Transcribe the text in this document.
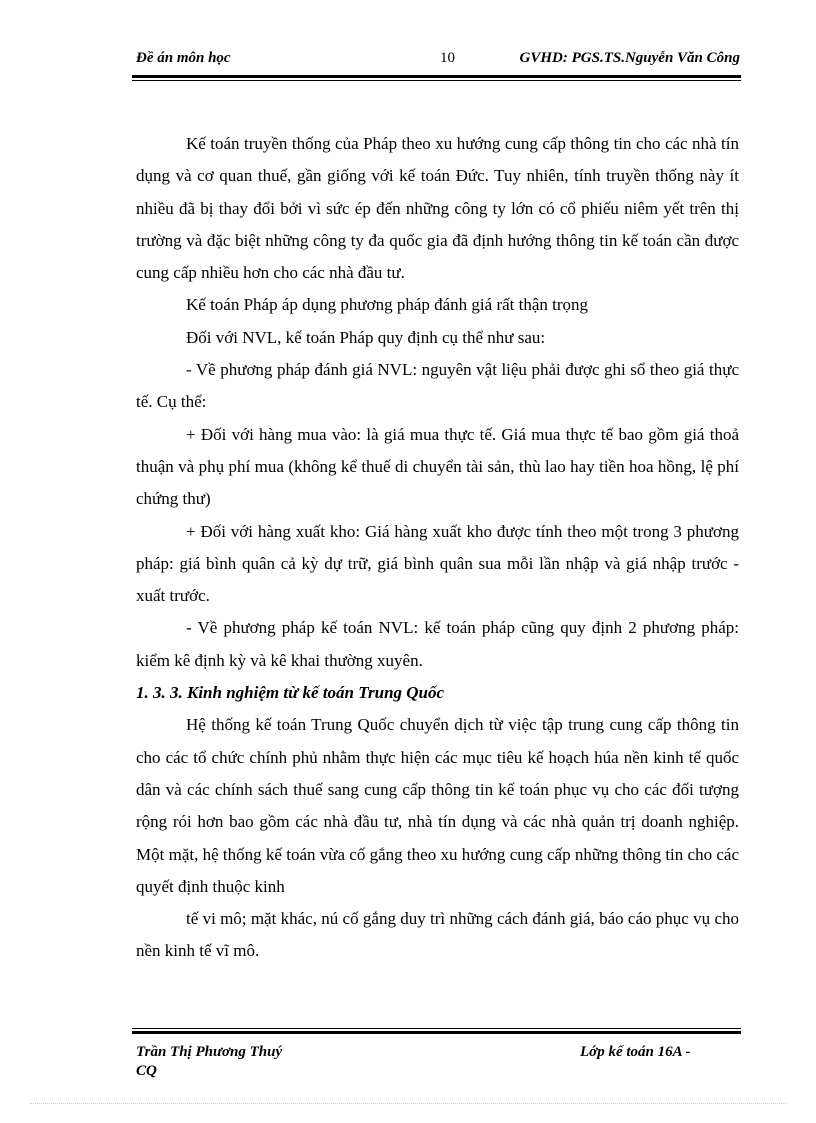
Đề án môn học	10	GVHD: PGS.TS.Nguyễn Văn Công

Kế toán truyền thống của Pháp theo xu hướng cung cấp thông tin cho các nhà tín dụng và cơ quan thuế, gần giống với kế toán Đức. Tuy nhiên, tính truyền thống này ít nhiều đã bị thay đổi bởi vì sức ép đến những công ty lớn có cổ phiếu niêm yết trên thị trường và đặc biệt những công ty đa quốc gia đã định hướng thông tin kế toán cần được cung cấp nhiều hơn cho các nhà đầu tư.

Kế toán Pháp áp dụng phương pháp đánh giá rất thận trọng

Đối với NVL, kế toán Pháp quy định cụ thể như sau:

- Về phương pháp đánh giá NVL: nguyên vật liệu phải được ghi sổ theo giá thực tế. Cụ thể:

+ Đối với hàng mua vào: là giá mua thực tế. Giá mua thực tế bao gồm giá thoả thuận và phụ phí mua (không kể thuế di chuyển tài sản, thù lao hay tiền hoa hồng, lệ phí chứng thư)

+ Đối với hàng xuất kho: Giá hàng xuất kho được tính theo một trong 3 phương pháp: giá bình quân cả kỳ dự trữ, giá bình quân sua mỗi lần nhập và giá nhập trước - xuất trước.

- Về phương pháp kế toán NVL: kế toán pháp cũng quy định 2 phương pháp: kiểm kê định kỳ và kê khai thường xuyên.

1. 3. 3. Kinh nghiệm từ kế toán Trung Quốc

Hệ thống kế toán Trung Quốc chuyển dịch từ việc tập trung cung cấp thông tin cho các tổ chức chính phủ nhằm thực hiện các mục tiêu kế hoạch húa nền kinh tế quốc dân và các chính sách thuế sang cung cấp thông tin kế toán phục vụ cho các đối tượng rộng rói hơn bao gồm các nhà đầu tư, nhà tín dụng và các nhà quản trị doanh nghiệp. Một mặt, hệ thống kế toán vừa cố gắng theo xu hướng cung cấp những thông tin cho các quyết định thuộc kinh

tế vi mô; mặt khác, nú cố gắng duy trì những cách đánh giá, báo cáo phục vụ cho nền kinh tế vĩ mô.

Trần Thị Phương Thuý	Lớp kế toán 16A -
CQ
